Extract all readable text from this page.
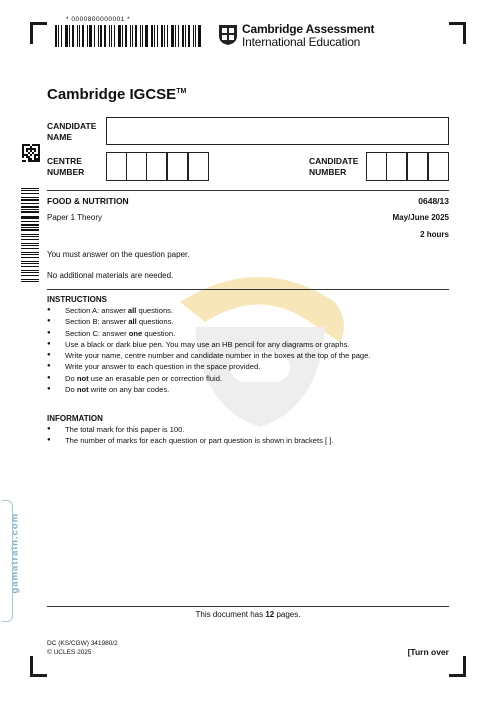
* 0000800000001 *
Cambridge Assessment
International Education
Cambridge IGCSE™
CANDIDATE
NAME
CENTRE
NUMBER
CANDIDATE
NUMBER
FOOD & NUTRITION	0648/13
Paper 1 Theory	May/June 2025
2 hours
You must answer on the question paper.
No additional materials are needed.
INSTRUCTIONS
● Section A: answer all questions.
● Section B: answer all questions.
● Section C: answer one question.
● Use a black or dark blue pen. You may use an HB pencil for any diagrams or graphs.
● Write your name, centre number and candidate number in the boxes at the top of the page.
● Write your answer to each question in the space provided.
● Do not use an erasable pen or correction fluid.
● Do not write on any bar codes.
INFORMATION
● The total mark for this paper is 100.
● The number of marks for each question or part question is shown in brackets [ ].
gamatrain.com
This document has 12 pages.
DC (KS/CGW) 341980/2
© UCLES 2025	[Turn over
